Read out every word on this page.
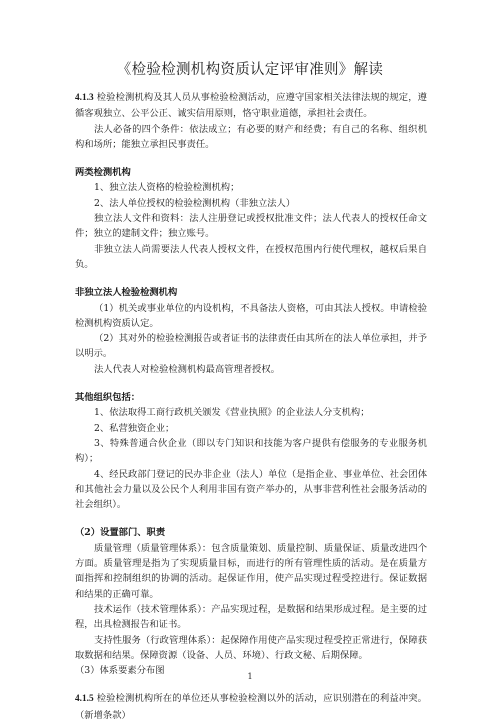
《检验检测机构资质认定评审准则》解读

4.1.3 检验检测机构及其人员从事检验检测活动，应遵守国家相关法律法规的规定，遵循客观独立、公平公正、诚实信用原则，恪守职业道德，承担社会责任。

法人必备的四个条件：依法成立；有必要的财产和经费；有自己的名称、组织机构和场所；能独立承担民事责任。

两类检测机构

1、独立法人资格的检验检测机构；

2、法人单位授权的检验检测机构（非独立法人）

独立法人文件和资料：法人注册登记或授权批准文件；法人代表人的授权任命文件；独立的建制文件；独立账号。

非独立法人尚需要法人代表人授权文件，在授权范围内行使代理权，越权后果自负。

非独立法人检验检测机构

（1）机关或事业单位的内设机构，不具备法人资格，可由其法人授权。申请检验检测机构资质认定。

（2）其对外的检验检测报告或者证书的法律责任由其所在的法人单位承担，并予以明示。

法人代表人对检验检测机构最高管理者授权。

其他组织包括：

1、依法取得工商行政机关颁发《营业执照》的企业法人分支机构；

2、私营独资企业；

3、特殊普通合伙企业（即以专门知识和技能为客户提供有偿服务的专业服务机构）；

4、经民政部门登记的民办非企业（法人）单位（是指企业、事业单位、社会团体和其他社会力量以及公民个人利用非国有资产举办的，从事非营利性社会服务活动的社会组织）。

（2）设置部门、职责

质量管理（质量管理体系）：包含质量策划、质量控制、质量保证、质量改进四个方面。质量管理是指为了实现质量目标，而进行的所有管理性质的活动。是在质量方面指挥和控制组织的协调的活动。起保证作用，使产品实现过程受控进行。保证数据和结果的正确可靠。

技术运作（技术管理体系）：产品实现过程，是数据和结果形成过程。是主要的过程，出具检测报告和证书。

支持性服务（行政管理体系）：起保障作用使产品实现过程受控正常进行，保障获取数据和结果。保障资源（设备、人员、环境）、行政文秘、后期保障。

（3）体系要素分布图

4.1.5 检验检测机构所在的单位还从事检验检测以外的活动，应识别潜在的利益冲突。（新增条款）

1
